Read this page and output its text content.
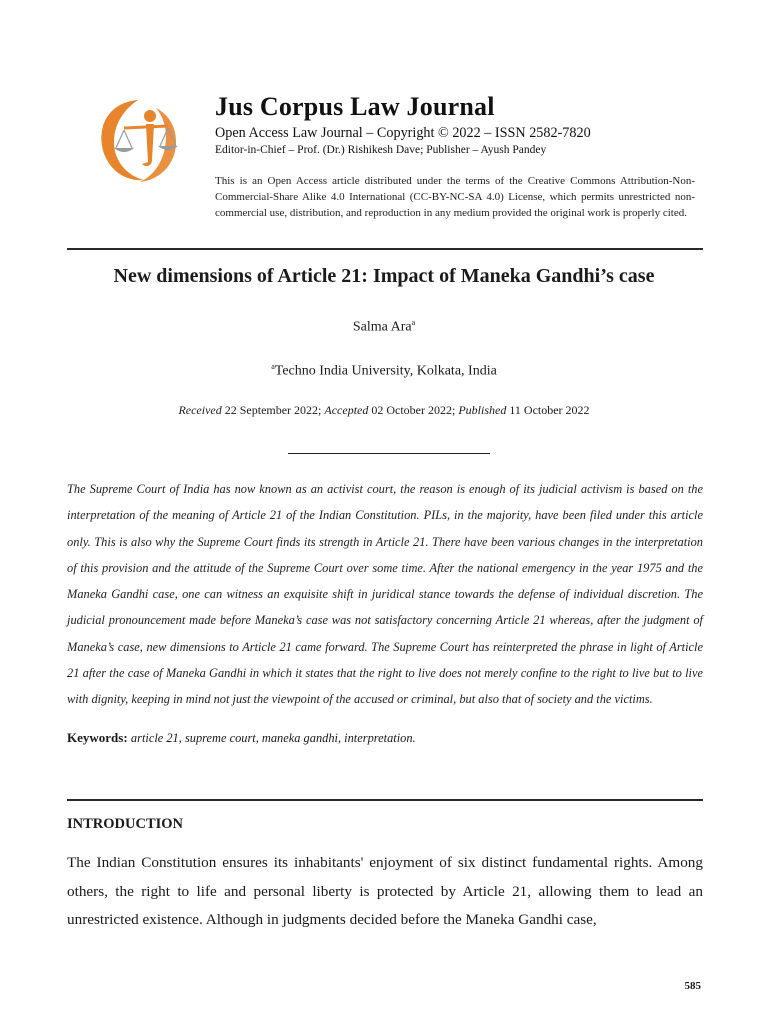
Jus Corpus Law Journal
Open Access Law Journal – Copyright © 2022 – ISSN 2582-7820
Editor-in-Chief – Prof. (Dr.) Rishikesh Dave; Publisher – Ayush Pandey
This is an Open Access article distributed under the terms of the Creative Commons Attribution-Non-Commercial-Share Alike 4.0 International (CC-BY-NC-SA 4.0) License, which permits unrestricted non-commercial use, distribution, and reproduction in any medium provided the original work is properly cited.
New dimensions of Article 21: Impact of Maneka Gandhi’s case
Salma Ara$^a$
$^a$Techno India University, Kolkata, India
Received 22 September 2022; Accepted 02 October 2022; Published 11 October 2022

The Supreme Court of India has now known as an activist court, the reason is enough of its judicial activism is based on the interpretation of the meaning of Article 21 of the Indian Constitution. PILs, in the majority, have been filed under this article only. This is also why the Supreme Court finds its strength in Article 21. There have been various changes in the interpretation of this provision and the attitude of the Supreme Court over some time. After the national emergency in the year 1975 and the Maneka Gandhi case, one can witness an exquisite shift in juridical stance towards the defense of individual discretion. The judicial pronouncement made before Maneka’s case was not satisfactory concerning Article 21 whereas, after the judgment of Maneka’s case, new dimensions to Article 21 came forward. The Supreme Court has reinterpreted the phrase in light of Article 21 after the case of Maneka Gandhi in which it states that the right to live does not merely confine to the right to live but to live with dignity, keeping in mind not just the viewpoint of the accused or criminal, but also that of society and the victims.

Keywords: article 21, supreme court, maneka gandhi, interpretation.
INTRODUCTION

The Indian Constitution ensures its inhabitants' enjoyment of six distinct fundamental rights. Among others, the right to life and personal liberty is protected by Article 21, allowing them to lead an unrestricted existence. Although in judgments decided before the Maneka Gandhi case,

585
